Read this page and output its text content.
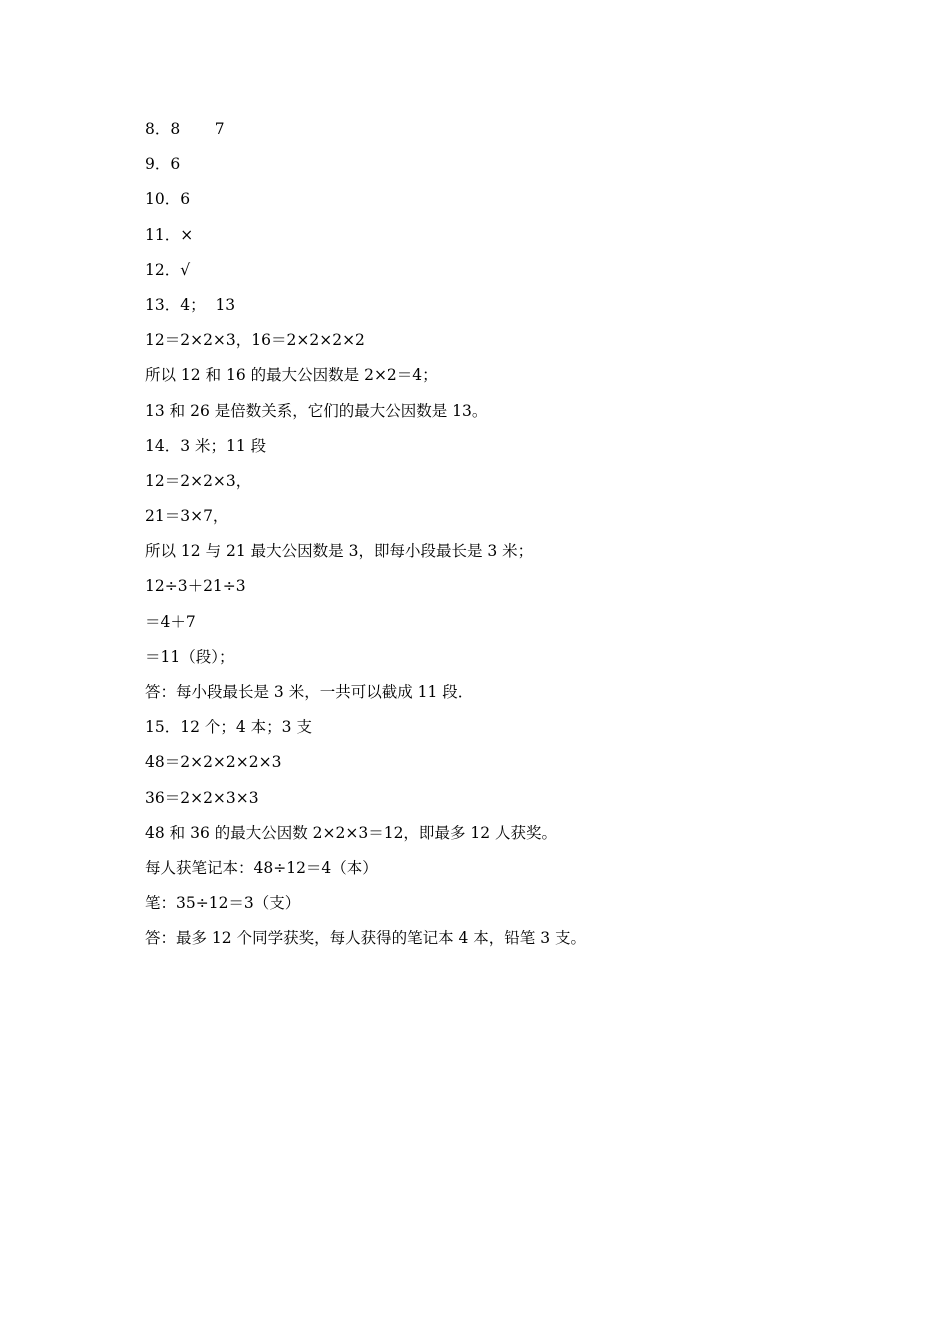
8．8       7
9．6
10．6
11．×
12．√
13．4；  13
12＝2×2×3，16＝2×2×2×2
所以 12 和 16 的最大公因数是 2×2＝4；
13 和 26 是倍数关系，它们的最大公因数是 13。
14．3 米；11 段
12＝2×2×3，
21＝3×7，
所以 12 与 21 最大公因数是 3，即每小段最长是 3 米；
12÷3＋21÷3
＝4＋7
＝11（段）；
答：每小段最长是 3 米，一共可以截成 11 段．
15．12 个；4 本；3 支
48＝2×2×2×2×3
36＝2×2×3×3
48 和 36 的最大公因数 2×2×3＝12，即最多 12 人获奖。
每人获笔记本：48÷12＝4（本）
笔：35÷12＝3（支）
答：最多 12 个同学获奖，每人获得的笔记本 4 本，铅笔 3 支。
